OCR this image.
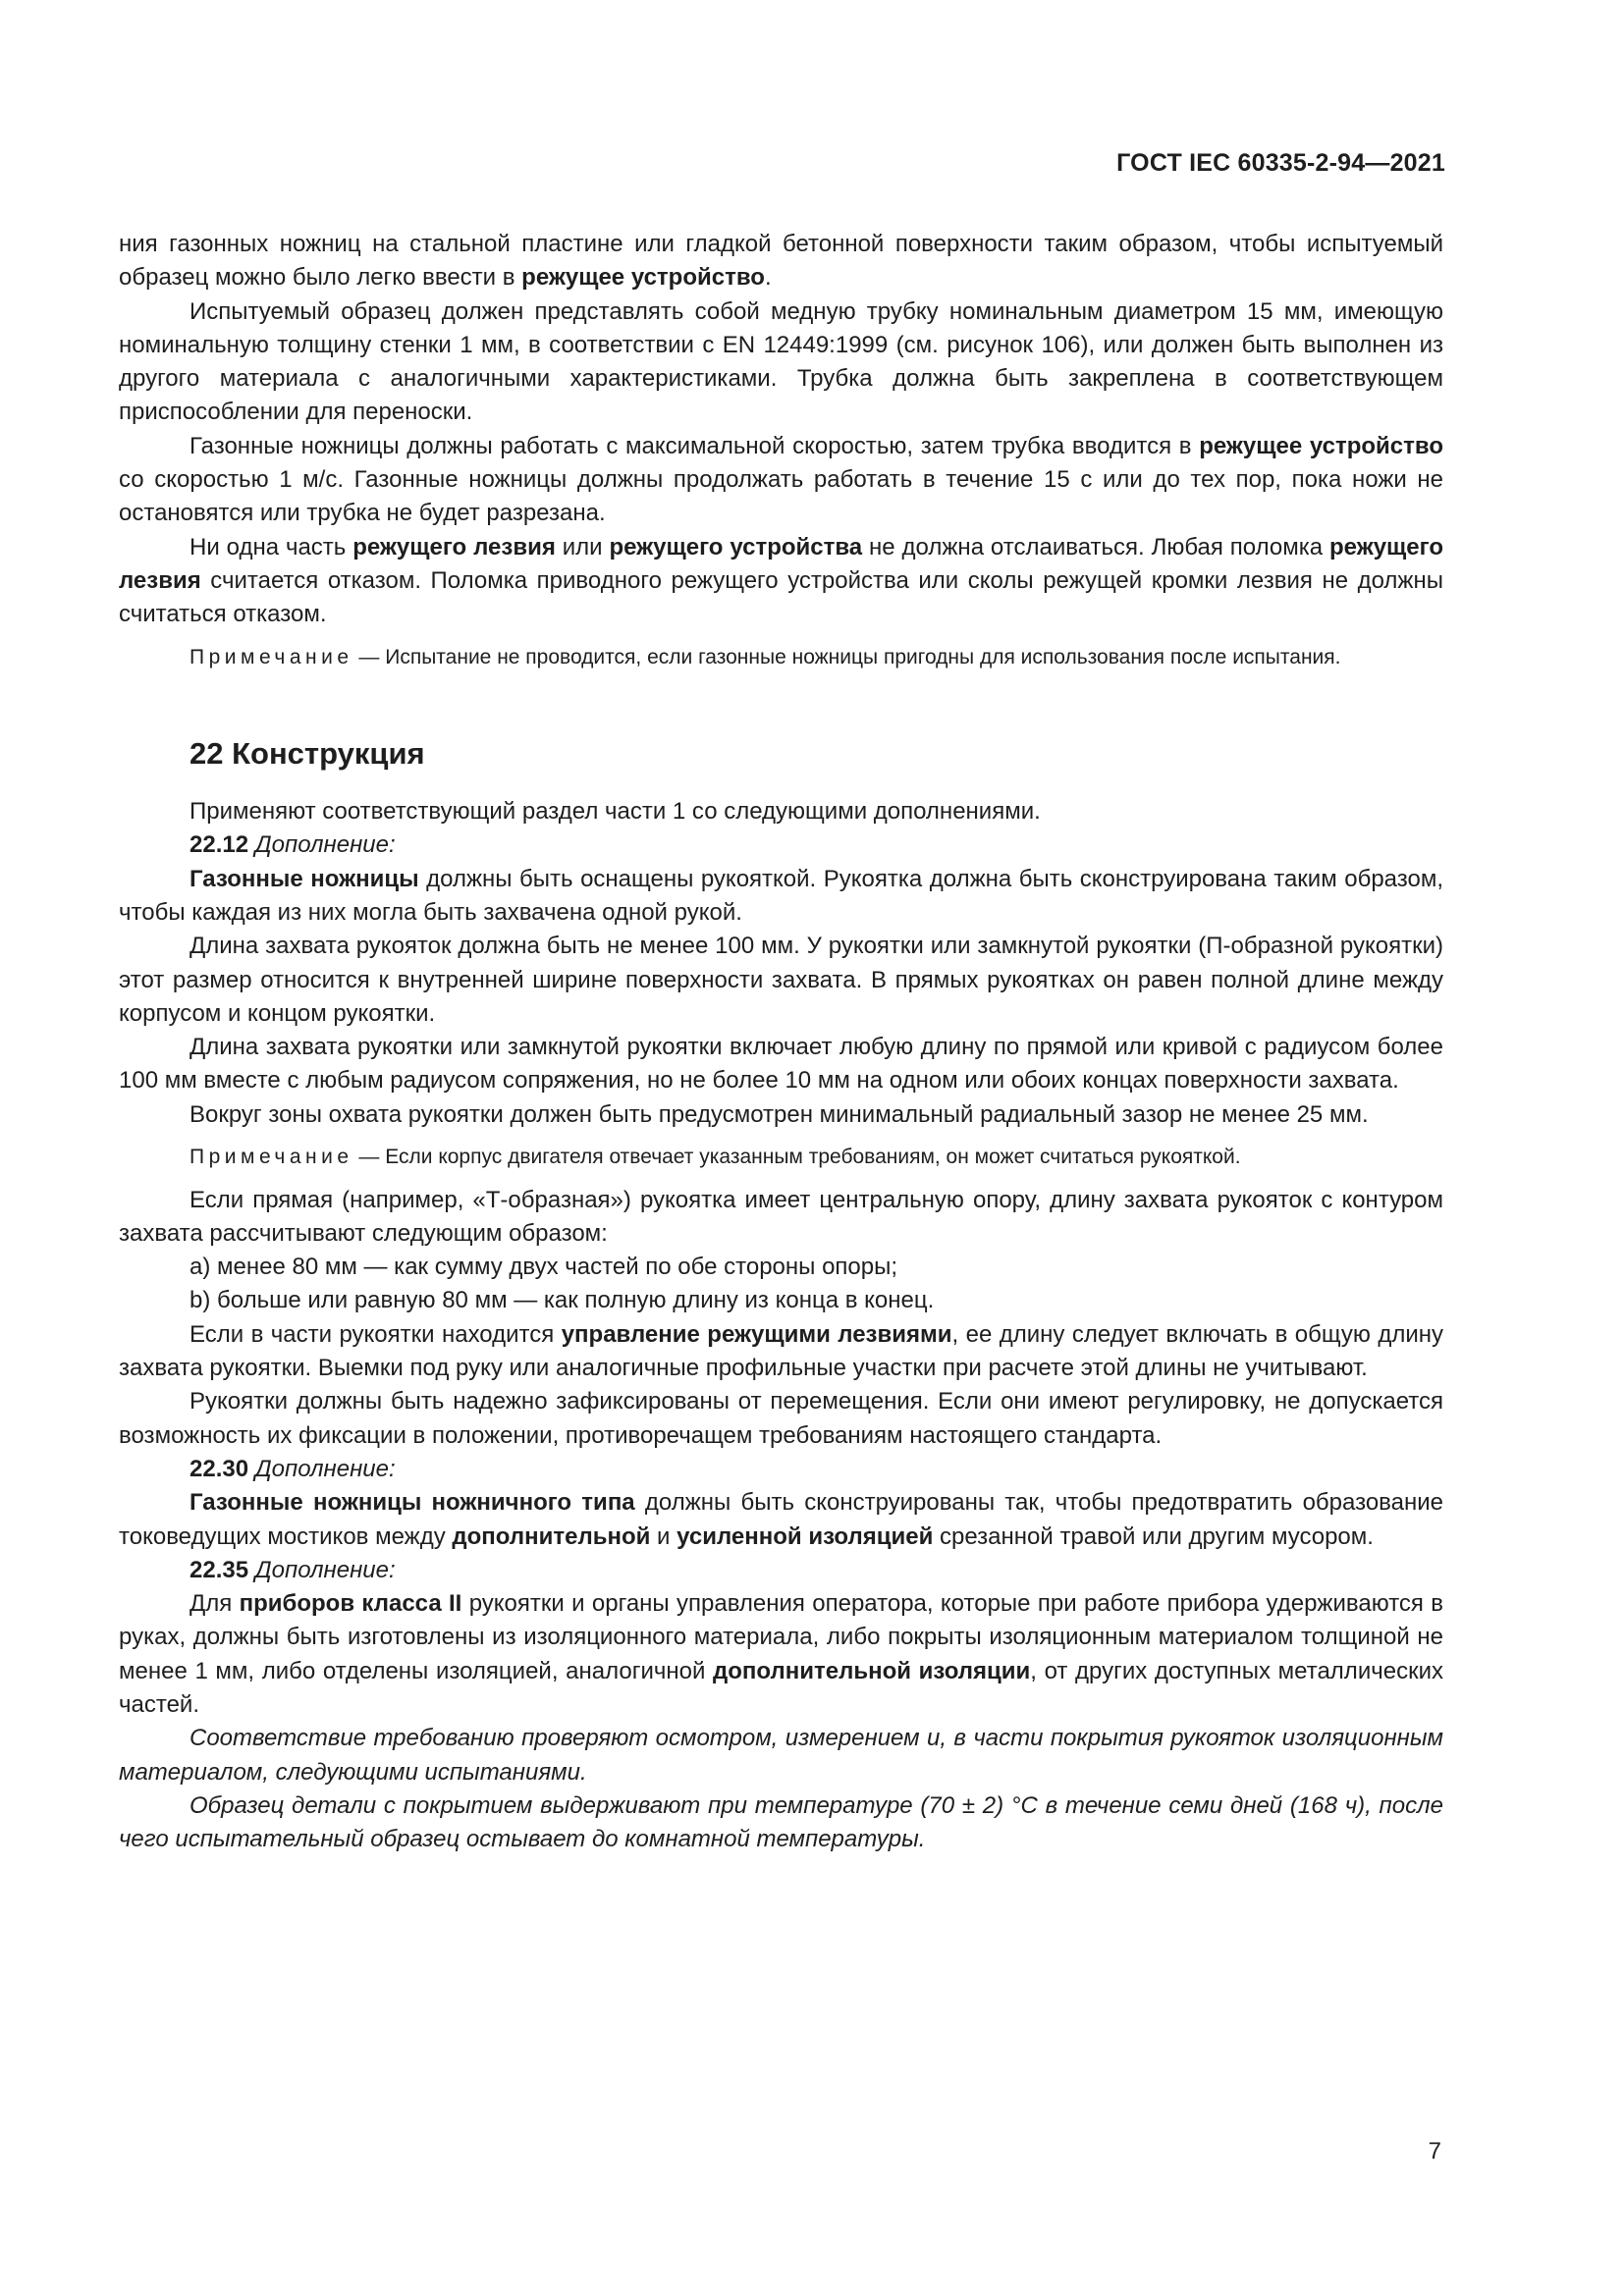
ГОСТ IEC 60335-2-94—2021

ния газонных ножниц на стальной пластине или гладкой бетонной поверхности таким образом, чтобы испытуемый образец можно было легко ввести в режущее устройство.

Испытуемый образец должен представлять собой медную трубку номинальным диаметром 15 мм, имеющую номинальную толщину стенки 1 мм, в соответствии с EN 12449:1999 (см. рисунок 106), или должен быть выполнен из другого материала с аналогичными характеристиками. Трубка должна быть закреплена в соответствующем приспособлении для переноски.

Газонные ножницы должны работать с максимальной скоростью, затем трубка вводится в режущее устройство со скоростью 1 м/с. Газонные ножницы должны продолжать работать в течение 15 с или до тех пор, пока ножи не остановятся или трубка не будет разрезана.

Ни одна часть режущего лезвия или режущего устройства не должна отслаиваться. Любая поломка режущего лезвия считается отказом. Поломка приводного режущего устройства или сколы режущей кромки лезвия не должны считаться отказом.

Примечание — Испытание не проводится, если газонные ножницы пригодны для использования после испытания.

22 Конструкция

Применяют соответствующий раздел части 1 со следующими дополнениями.

22.12 Дополнение:

Газонные ножницы должны быть оснащены рукояткой. Рукоятка должна быть сконструирована таким образом, чтобы каждая из них могла быть захвачена одной рукой.

Длина захвата рукояток должна быть не менее 100 мм. У рукоятки или замкнутой рукоятки (П-образной рукоятки) этот размер относится к внутренней ширине поверхности захвата. В прямых рукоятках он равен полной длине между корпусом и концом рукоятки.

Длина захвата рукоятки или замкнутой рукоятки включает любую длину по прямой или кривой с радиусом более 100 мм вместе с любым радиусом сопряжения, но не более 10 мм на одном или обоих концах поверхности захвата.

Вокруг зоны охвата рукоятки должен быть предусмотрен минимальный радиальный зазор не менее 25 мм.

Примечание — Если корпус двигателя отвечает указанным требованиям, он может считаться рукояткой.

Если прямая (например, «Т-образная») рукоятка имеет центральную опору, длину захвата рукояток с контуром захвата рассчитывают следующим образом:

a) менее 80 мм — как сумму двух частей по обе стороны опоры;

b) больше или равную 80 мм — как полную длину из конца в конец.

Если в части рукоятки находится управление режущими лезвиями, ее длину следует включать в общую длину захвата рукоятки. Выемки под руку или аналогичные профильные участки при расчете этой длины не учитывают.

Рукоятки должны быть надежно зафиксированы от перемещения. Если они имеют регулировку, не допускается возможность их фиксации в положении, противоречащем требованиям настоящего стандарта.

22.30 Дополнение:

Газонные ножницы ножничного типа должны быть сконструированы так, чтобы предотвратить образование токоведущих мостиков между дополнительной и усиленной изоляцией срезанной травой или другим мусором.

22.35 Дополнение:

Для приборов класса II рукоятки и органы управления оператора, которые при работе прибора удерживаются в руках, должны быть изготовлены из изоляционного материала, либо покрыты изоляционным материалом толщиной не менее 1 мм, либо отделены изоляцией, аналогичной дополнительной изоляции, от других доступных металлических частей.

Соответствие требованию проверяют осмотром, измерением и, в части покрытия рукояток изоляционным материалом, следующими испытаниями.

Образец детали с покрытием выдерживают при температуре (70 ± 2) °С в течение семи дней (168 ч), после чего испытательный образец остывает до комнатной температуры.

7
